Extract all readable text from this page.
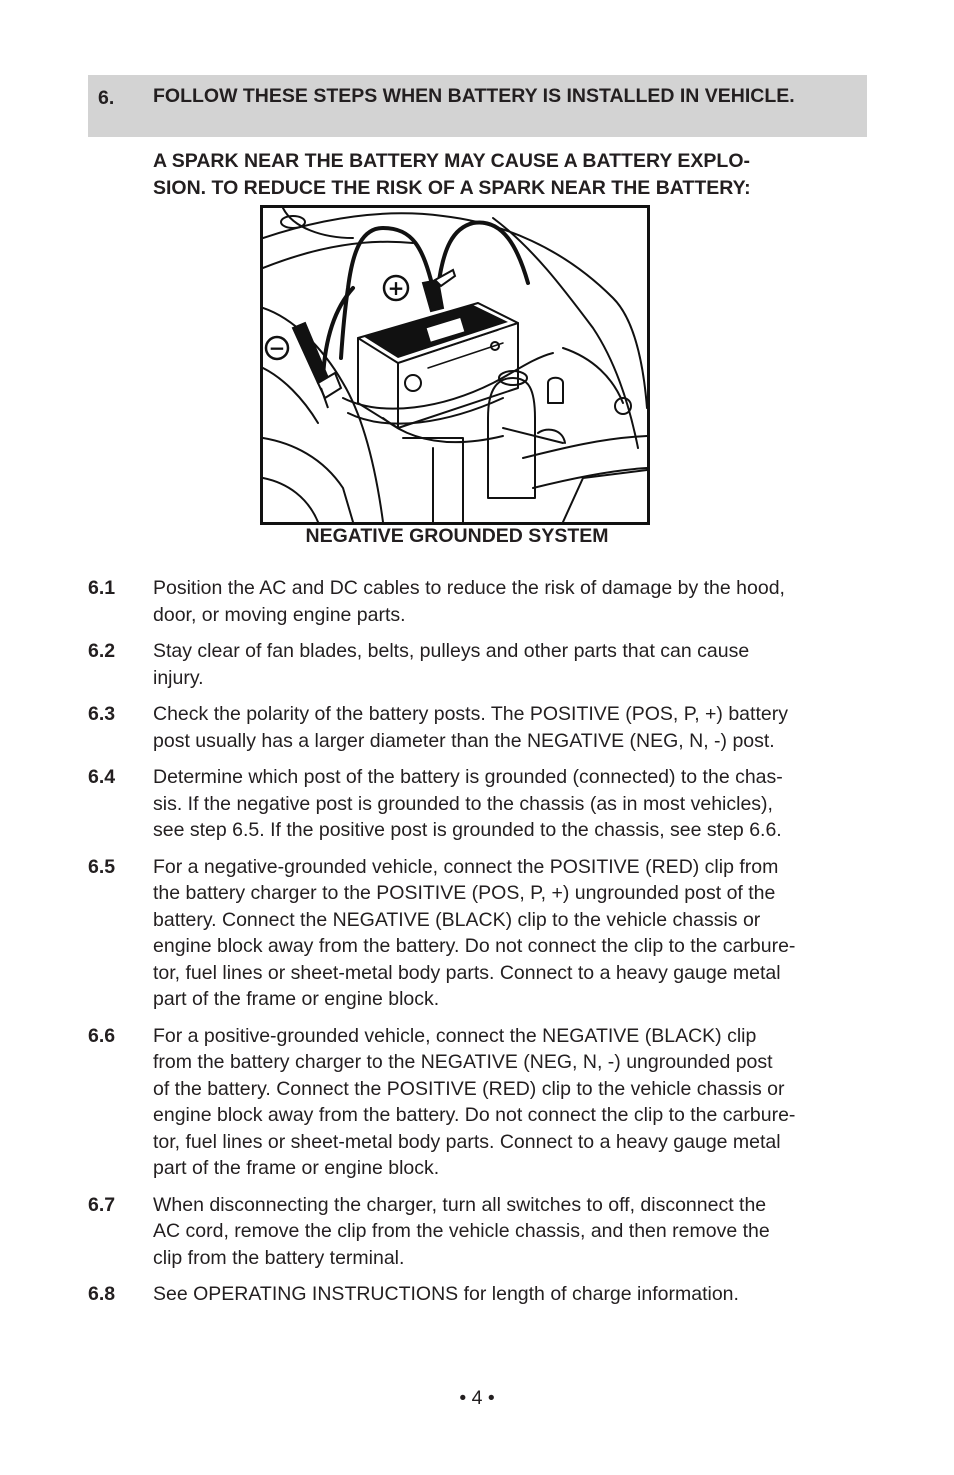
6. FOLLOW THESE STEPS WHEN BATTERY IS INSTALLED IN VEHICLE.
A SPARK NEAR THE BATTERY MAY CAUSE A BATTERY EXPLO-
SION. TO REDUCE THE RISK OF A SPARK NEAR THE BATTERY:
+
−
NEGATIVE GROUNDED SYSTEM
6.1 Position the AC and DC cables to reduce the risk of damage by the hood,
door, or moving engine parts.
6.2 Stay clear of fan blades, belts, pulleys and other parts that can cause
injury.
6.3 Check the polarity of the battery posts. The POSITIVE (POS, P, +) battery
post usually has a larger diameter than the NEGATIVE (NEG, N, -) post.
6.4 Determine which post of the battery is grounded (connected) to the chas-
sis. If the negative post is grounded to the chassis (as in most vehicles),
see step 6.5. If the positive post is grounded to the chassis, see step 6.6.
6.5 For a negative-grounded vehicle, connect the POSITIVE (RED) clip from
the battery charger to the POSITIVE (POS, P, +) ungrounded post of the
battery. Connect the NEGATIVE (BLACK) clip to the vehicle chassis or
engine block away from the battery. Do not connect the clip to the carbure-
tor, fuel lines or sheet-metal body parts. Connect to a heavy gauge metal
part of the frame or engine block.
6.6 For a positive-grounded vehicle, connect the NEGATIVE (BLACK) clip
from the battery charger to the NEGATIVE (NEG, N, -) ungrounded post
of the battery. Connect the POSITIVE (RED) clip to the vehicle chassis or
engine block away from the battery. Do not connect the clip to the carbure-
tor, fuel lines or sheet-metal body parts. Connect to a heavy gauge metal
part of the frame or engine block.
6.7 When disconnecting the charger, turn all switches to off, disconnect the
AC cord, remove the clip from the vehicle chassis, and then remove the
clip from the battery terminal.
6.8 See OPERATING INSTRUCTIONS for length of charge information.
• 4 •
